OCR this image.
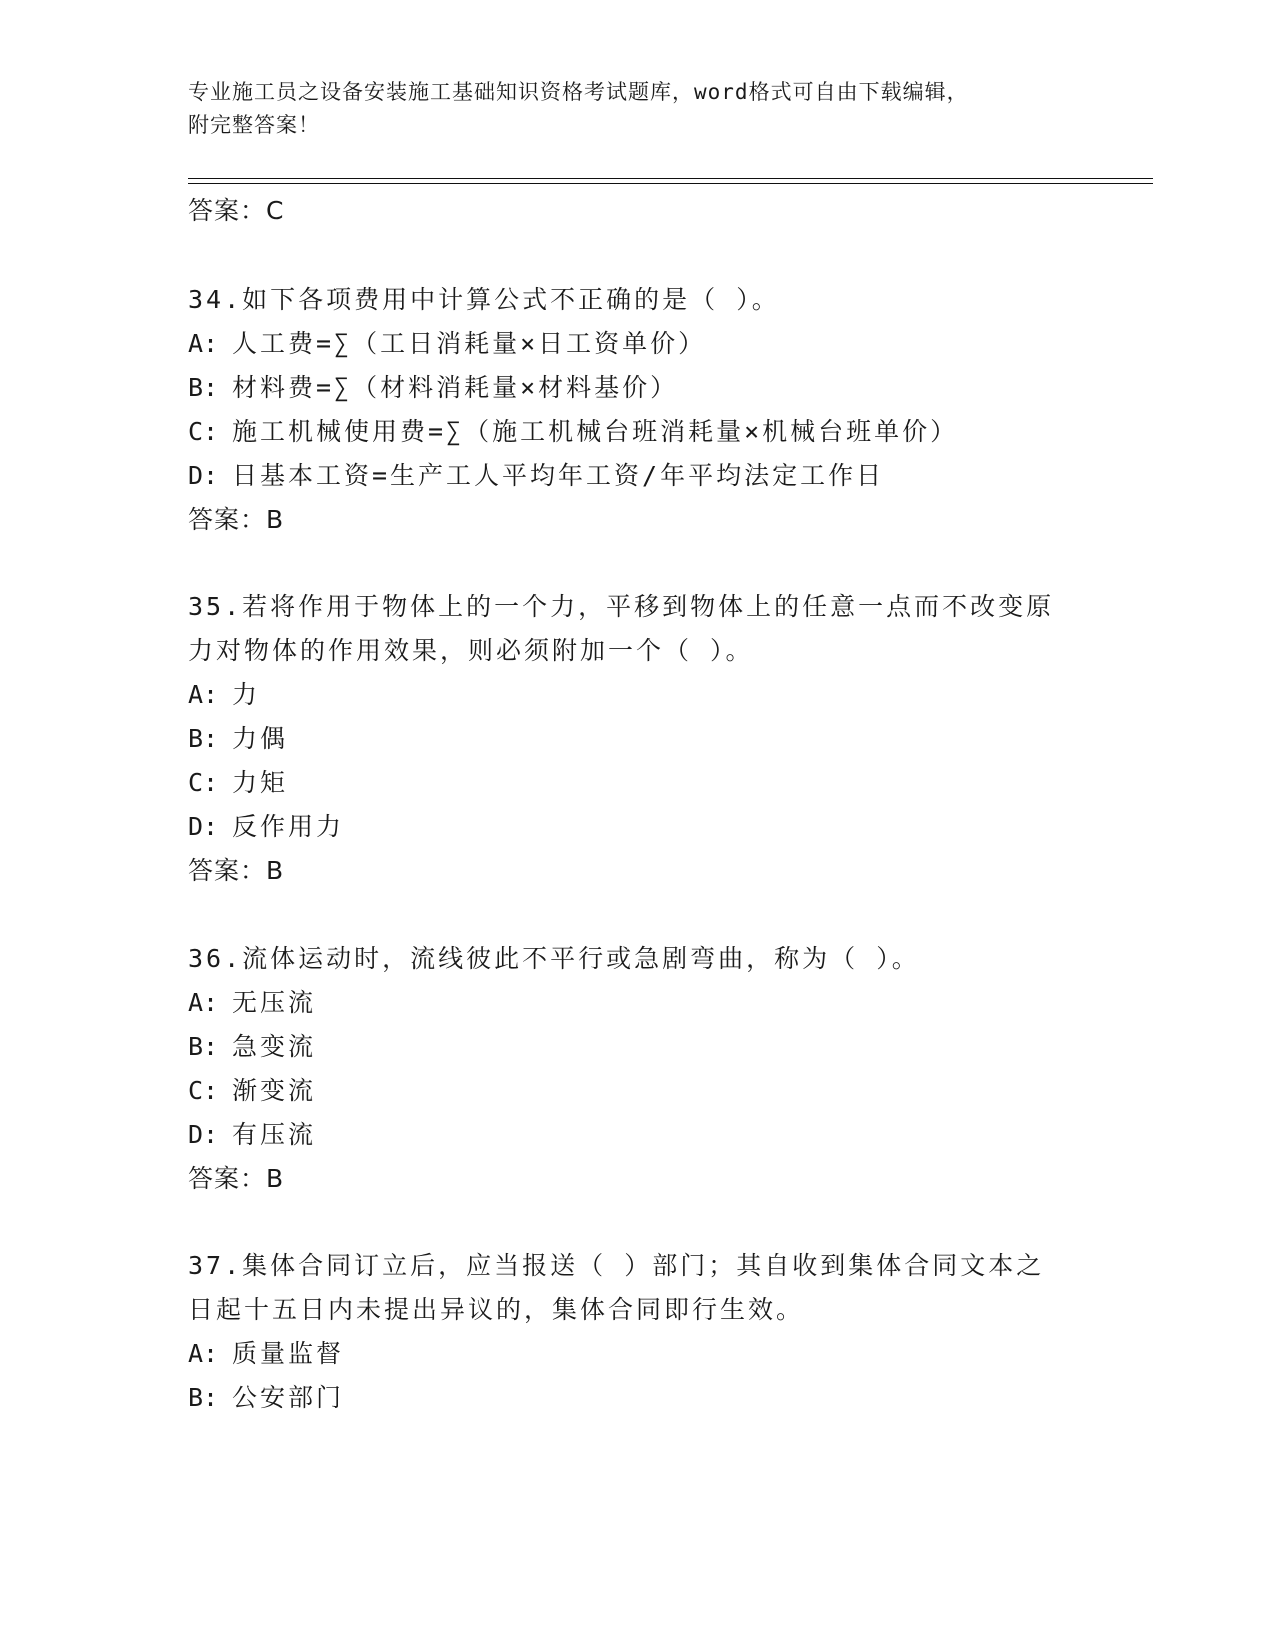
专业施工员之设备安装施工基础知识资格考试题库，word格式可自由下载编辑，
附完整答案！
答案：C
34.如下各项费用中计算公式不正确的是（ ）。
A: 人工费=∑（工日消耗量×日工资单价）
B: 材料费=∑（材料消耗量×材料基价）
C: 施工机械使用费=∑（施工机械台班消耗量×机械台班单价）
D: 日基本工资=生产工人平均年工资/年平均法定工作日
答案：B
35.若将作用于物体上的一个力，平移到物体上的任意一点而不改变原
力对物体的作用效果，则必须附加一个（ ）。
A: 力
B: 力偶
C: 力矩
D: 反作用力
答案：B
36.流体运动时，流线彼此不平行或急剧弯曲，称为（ ）。
A: 无压流
B: 急变流
C: 渐变流
D: 有压流
答案：B
37.集体合同订立后，应当报送（ ）部门；其自收到集体合同文本之
日起十五日内未提出异议的，集体合同即行生效。
A: 质量监督
B: 公安部门
